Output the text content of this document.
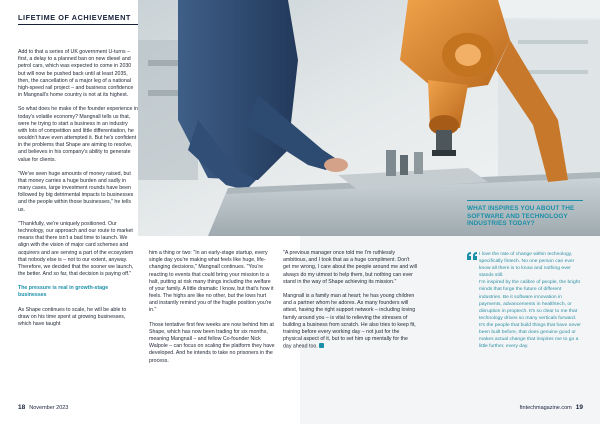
LIFETIME OF ACHIEVEMENT

Add to that a series of UK government U-turns – first, a delay to a planned ban on new diesel and petrol cars, which was expected to come in 2030 but will now be pushed back until at least 2035, then, the cancellation of a major leg of a national high-speed rail project – and business confidence in Mangnall's home country is not at its highest.

So what does he make of the founder experience in today's volatile economy? Mangnall tells us that, were he trying to start a business in an industry with lots of competition and little differentiation, he wouldn't have even attempted it. But he's confident in the problems that Shape are aiming to resolve, and believes in his company's ability to generate value for clients.

"We've seen huge amounts of money raised, but that money carries a huge burden and sadly in many cases, large investment rounds have been followed by big detrimental impacts to businesses and the people within those businesses," he tells us.

"Thankfully, we're uniquely positioned. Our technology, our approach and our route to market means that there isn't a bad time to launch. We align with the vision of major card schemes and acquirers and are serving a part of the ecosystem that nobody else is – not to our extent, anyway. Therefore, we decided that the sooner we launch, the better. And so far, that decision is paying off."

The pressure is real in growth-stage businesses

As Shape continues to scale, he will be able to draw on his time spent at growing businesses, which have taught

him a thing or two: "In an early-stage startup, every single day you're making what feels like huge, life-changing decisions," Mangnall continues. "You're reacting to events that could bring your mission to a halt, putting at risk many things including the welfare of your family. A little dramatic I know, but that's how it feels. The highs are like no other, but the lows hurt and instantly remind you of the fragile position you're in."

Those tentative first few weeks are now behind him at Shape, which has now been trading for six months, meaning Mangnall – and fellow Co-founder Nick Walpole – can focus on scaling the platform they have developed. And he intends to take no prisoners in the process.

"A previous manager once told me I'm ruthlessly ambitious, and I took that as a huge compliment. Don't get me wrong, I care about the people around me and will always do my utmost to help them, but nothing can ever stand in the way of Shape achieving its mission."

Mangnall is a family man at heart; he has young children and a partner whom he adores. As many founders will attest, having the right support network – including loving family around you – is vital to relieving the stresses of building a business from scratch. He also tries to keep fit, training before every working day – not just for the physical aspect of it, but to set him up mentally for the day ahead too.

WHAT INSPIRES YOU ABOUT THE SOFTWARE AND TECHNOLOGY INDUSTRIES TODAY?

I love the rate of change within technology, specifically fintech. No one person can ever know all there is to know and nothing ever stands still.

I'm inspired by the calibre of people, the bright minds that forge the future of different industries. Be it software innovation in payments, advancements in healthtech, or disruption in proptech. It's so clear to me that technology drives so many verticals forward. It's the people that build things that have never been built before, that does genuine good or makes actual change that inspires me to go a little further, every day.

18 November 2023	fintechmagazine.com 19
